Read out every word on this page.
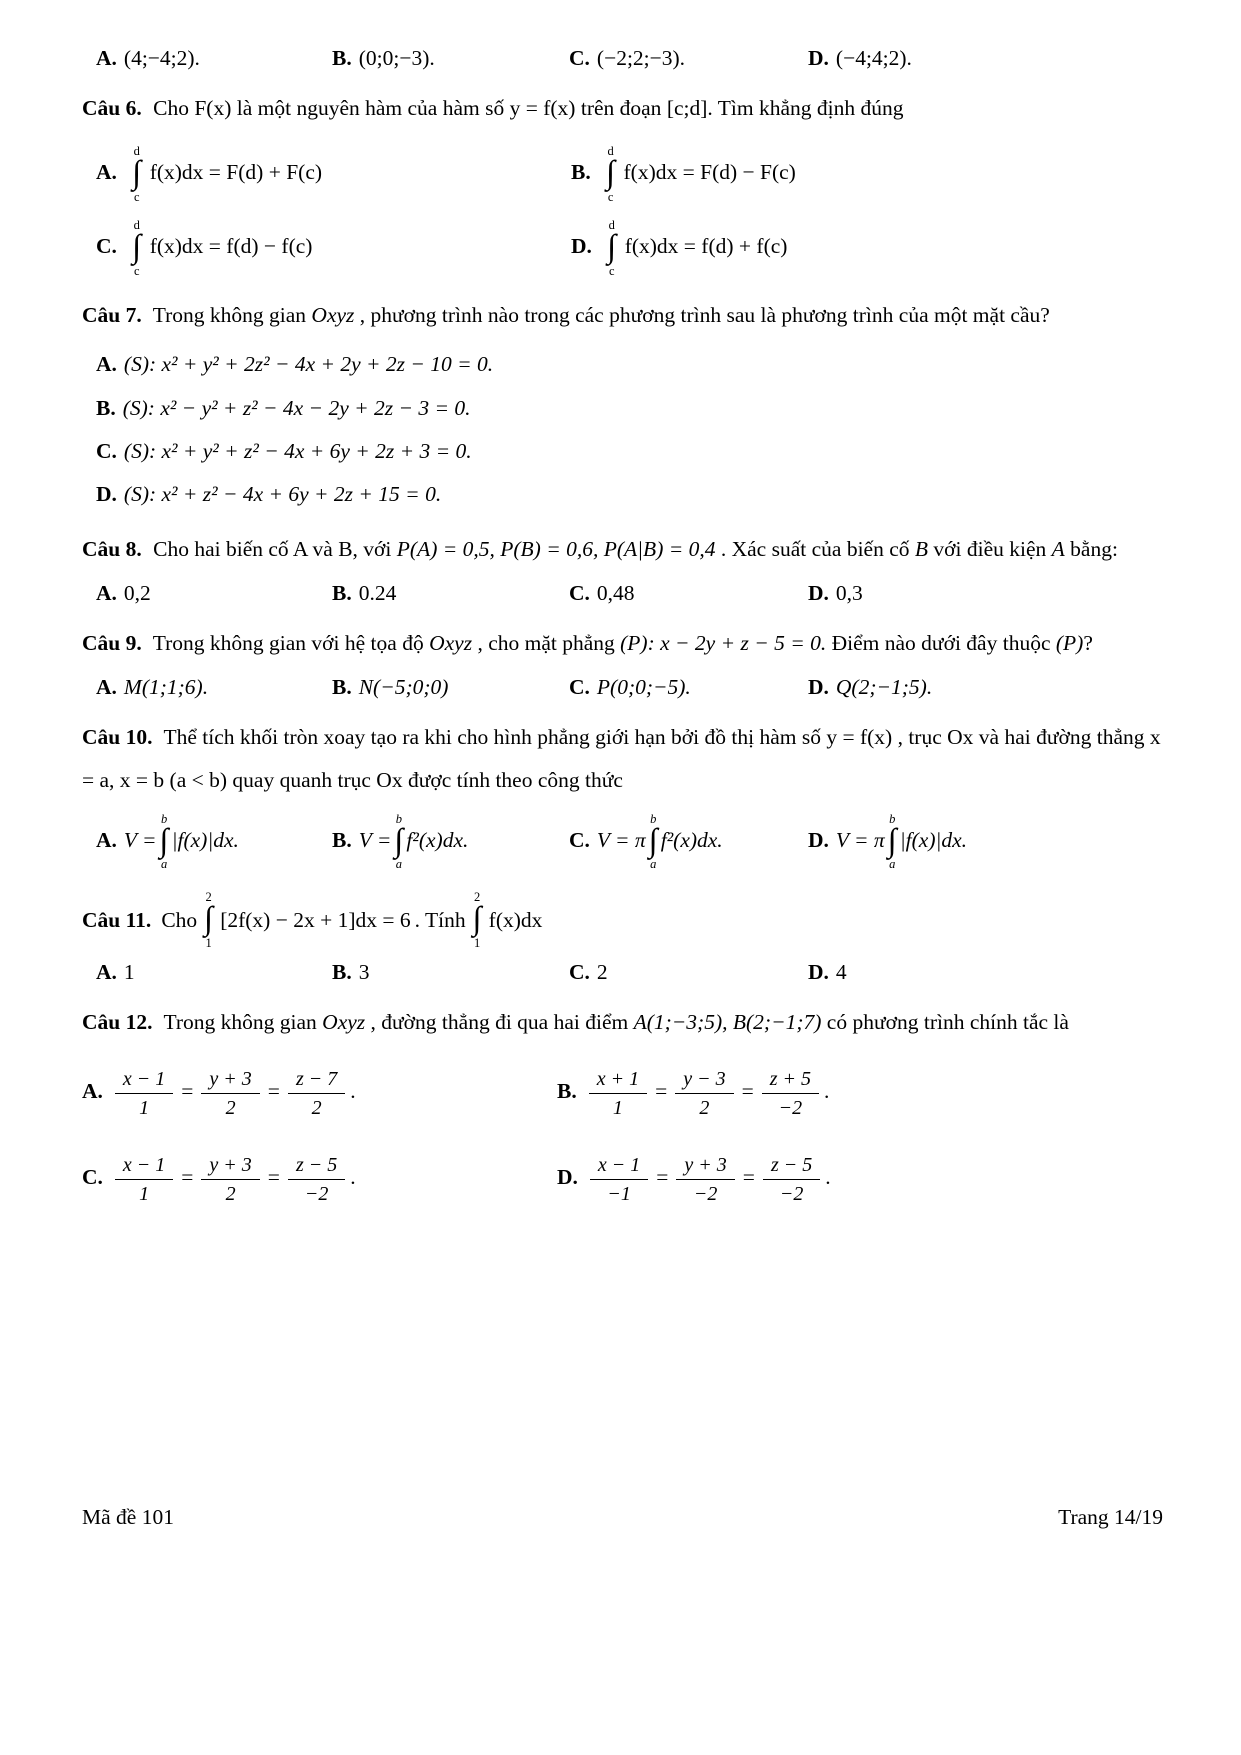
A. (4;−4;2).	B. (0;0;−3).	C. (−2;2;−3).	D. (−4;4;2).

Câu 6. Cho F(x) là một nguyên hàm của hàm số y = f(x) trên đoạn [c;d]. Tìm khẳng định đúng

A.
d
∫
c
f(x)dx = F(d) + F(c)	B.
d
∫
c
f(x)dx = F(d) − F(c)
C.
d
∫
c
f(x)dx = f(d) − f(c)	D.
d
∫
c
f(x)dx = f(d) + f(c)

Câu 7. Trong không gian Oxyz , phương trình nào trong các phương trình sau là phương trình của một mặt cầu?

A. (S): x² + y² + 2z² − 4x + 2y + 2z − 10 = 0.
B. (S): x² − y² + z² − 4x − 2y + 2z − 3 = 0.
C. (S): x² + y² + z² − 4x + 6y + 2z + 3 = 0.
D. (S): x² + z² − 4x + 6y + 2z + 15 = 0.

Câu 8. Cho hai biến cố A và B, với P(A) = 0,5, P(B) = 0,6, P(A|B) = 0,4 . Xác suất của biến cố B với điều kiện A bằng:

A. 0,2	B. 0.24	C. 0,48	D. 0,3

Câu 9. Trong không gian với hệ tọa độ Oxyz , cho mặt phẳng (P): x − 2y + z − 5 = 0. Điểm nào dưới đây thuộc (P)?

A. M(1;1;6).	B. N(−5;0;0)	C. P(0;0;−5).	D. Q(2;−1;5).

Câu 10. Thể tích khối tròn xoay tạo ra khi cho hình phẳng giới hạn bởi đồ thị hàm số y = f(x) , trục Ox và hai đường thẳng x = a, x = b (a < b) quay quanh trục Ox được tính theo công thức

A. V =
b
∫
a
|f(x)|dx.	B. V =
b
∫
a
f²(x)dx.	C. V = π
b
∫
a
f²(x)dx.	D. V = π
b
∫
a
|f(x)|dx.

Câu 11. Cho
2
∫
1
[2f(x) − 2x + 1]dx = 6 . Tính
2
∫
1
f(x)dx

A. 1	B. 3	C. 2	D. 4

Câu 12. Trong không gian Oxyz , đường thẳng đi qua hai điểm A(1;−3;5), B(2;−1;7) có phương trình chính tắc là

A. $\frac{x - 1}{1} = \frac{y + 3}{2} = \frac{z - 7}{2}$ .	B. $\frac{x + 1}{1} = \frac{y - 3}{2} = \frac{z + 5}{-2}$ .
C. $\frac{x - 1}{1} = \frac{y + 3}{2} = \frac{z - 5}{-2}$ .	D. $\frac{x - 1}{-1} = \frac{y + 3}{-2} = \frac{z - 5}{-2}$ .
Mã đề 101	Trang 14/19
